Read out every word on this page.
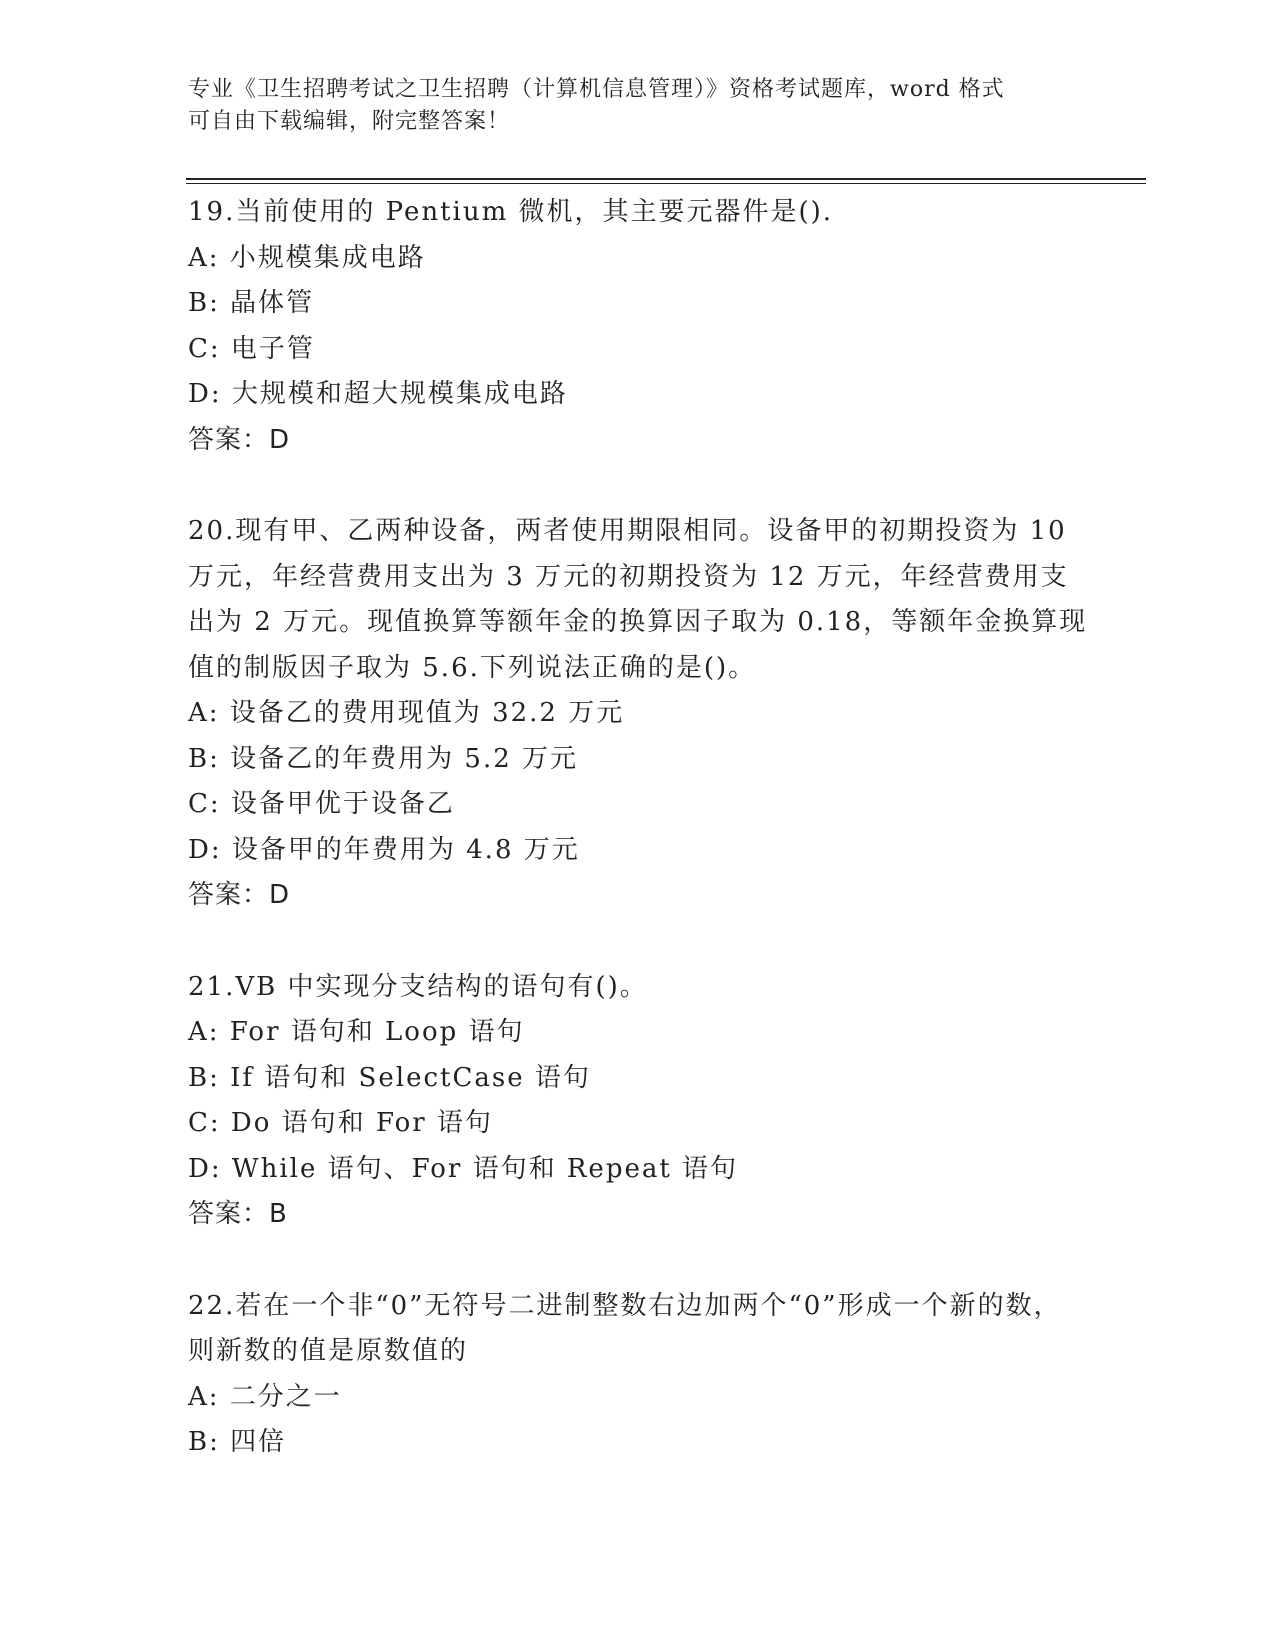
专业《卫生招聘考试之卫生招聘（计算机信息管理）》资格考试题库，word 格式
可自由下载编辑，附完整答案！

19.当前使用的 Pentium 微机，其主要元器件是().

A: 小规模集成电路

B: 晶体管

C: 电子管

D: 大规模和超大规模集成电路

答案：D

20.现有甲、乙两种设备，两者使用期限相同。设备甲的初期投资为 10 万元，年经营费用支出为 3 万元的初期投资为 12 万元，年经营费用支出为 2 万元。现值换算等额年金的换算因子取为 0.18，等额年金换算现值的制版因子取为 5.6.下列说法正确的是()。

A: 设备乙的费用现值为 32.2 万元

B: 设备乙的年费用为 5.2 万元

C: 设备甲优于设备乙

D: 设备甲的年费用为 4.8 万元

答案：D

21.VB 中实现分支结构的语句有()。

A: For 语句和 Loop 语句

B: If 语句和 SelectCase 语句

C: Do 语句和 For 语句

D: While 语句、For 语句和 Repeat 语句

答案：B

22.若在一个非“0”无符号二进制整数右边加两个“0”形成一个新的数，则新数的值是原数值的

A: 二分之一

B: 四倍
